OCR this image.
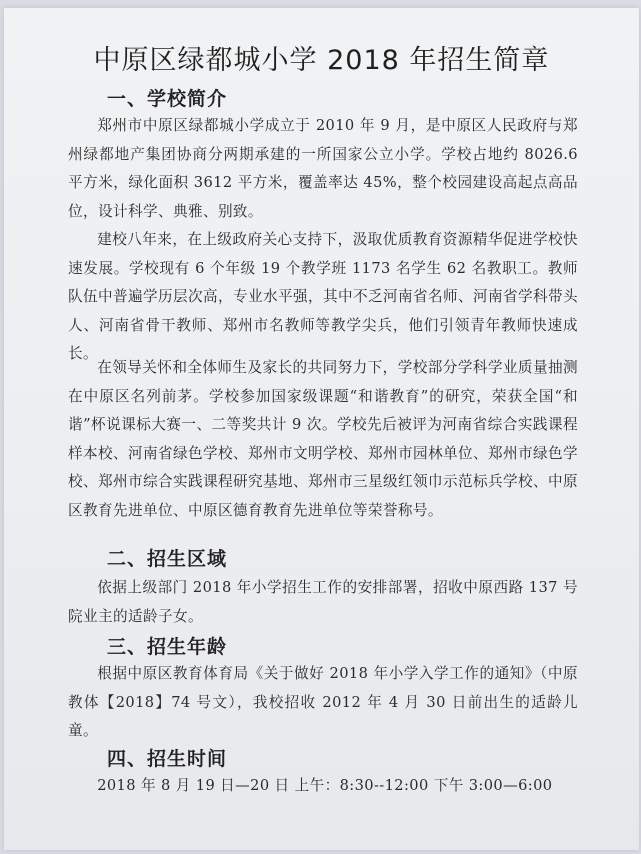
中原区绿都城小学 2018 年招生简章
一、学校简介

郑州市中原区绿都城小学成立于 2010 年 9 月，是中原区人民政府与郑州绿都地产集团协商分两期承建的一所国家公立小学。学校占地约 8026.6 平方米，绿化面积 3612 平方米，覆盖率达 45%，整个校园建设高起点高品位，设计科学、典雅、别致。

建校八年来，在上级政府关心支持下，汲取优质教育资源精华促进学校快速发展。学校现有 6 个年级 19 个教学班 1173 名学生 62 名教职工。教师队伍中普遍学历层次高，专业水平强，其中不乏河南省名师、河南省学科带头人、河南省骨干教师、郑州市名教师等教学尖兵，他们引领青年教师快速成长。

在领导关怀和全体师生及家长的共同努力下，学校部分学科学业质量抽测在中原区名列前茅。学校参加国家级课题“和谐教育”的研究，荣获全国“和谐”杯说课标大赛一、二等奖共计 9 次。学校先后被评为河南省综合实践课程样本校、河南省绿色学校、郑州市文明学校、郑州市园林单位、郑州市绿色学校、郑州市综合实践课程研究基地、郑州市三星级红领巾示范标兵学校、中原区教育先进单位、中原区德育教育先进单位等荣誉称号。

二、招生区域

依据上级部门 2018 年小学招生工作的安排部署，招收中原西路 137 号院业主的适龄子女。

三、招生年龄

根据中原区教育体育局《关于做好 2018 年小学入学工作的通知》（中原教体【2018】74 号文），我校招收 2012 年 4 月 30 日前出生的适龄儿童。

四、招生时间

2018 年 8 月 19 日—20 日 上午：8:30--12:00 下午 3:00—6:00
